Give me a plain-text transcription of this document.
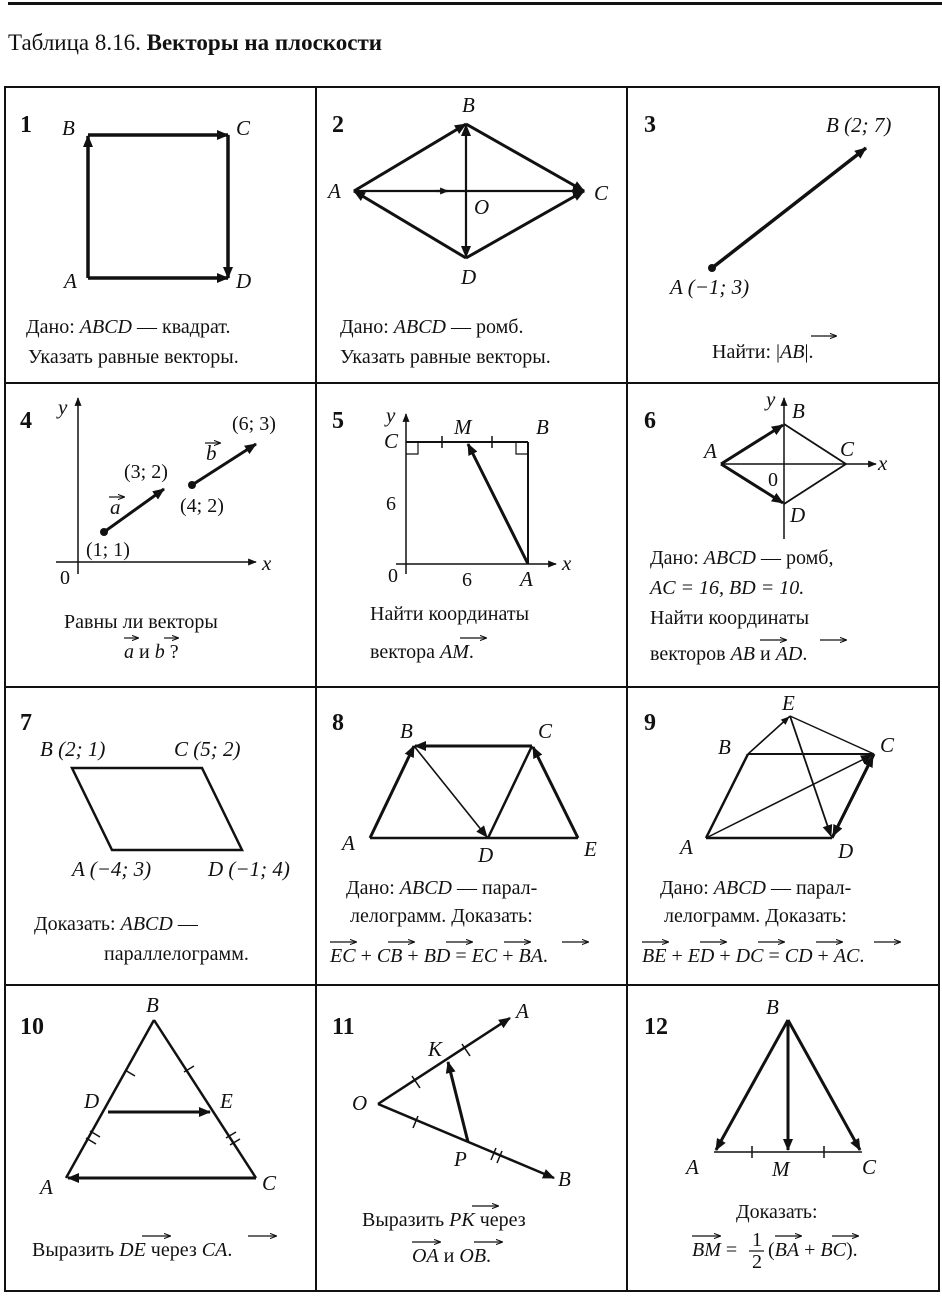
Таблица 8.16. Векторы на плоскости
1 B	C
A	D
Дано: ABCD — квадрат.
Указать равные векторы.
2
B
A	C
O
D
Дано: ABCD — ромб.
Указать равные векторы.
3	B (2; 7)
A (−1; 3)
Найти: |AB|.
4
y
x
0
(1; 1)
(3; 2)
(4; 2)
(6; 3)
a
b
Равны ли векторы
a и b ?
5 y
C
M	B
6
0	6 A
x
Найти координаты
вектора AM.
6
y B
A	C
x
0
D
Дано: ABCD — ромб,
AC = 16, BD = 10.
Найти координаты
векторов AB и AD.
7
B (2; 1)	C (5; 2)
A (−4; 3)	D (−1; 4)
Доказать: ABCD —
параллелограмм.
8	B	C
A	D	E
Дано: ABCD — парал-
лелограмм. Доказать:
EC + CB + BD = EC + BA.
9
E
B	C
A	D
Дано: ABCD — парал-
лелограмм. Доказать:
BE + ED + DC = CD + AC.
10
B
D	E
A	C
Выразить DE через CA.
11
O
K
A
P
B
Выразить PK через
OA и OB.
12
B
A	M	C
Доказать:
BM = 1
2
(BA + BC).
